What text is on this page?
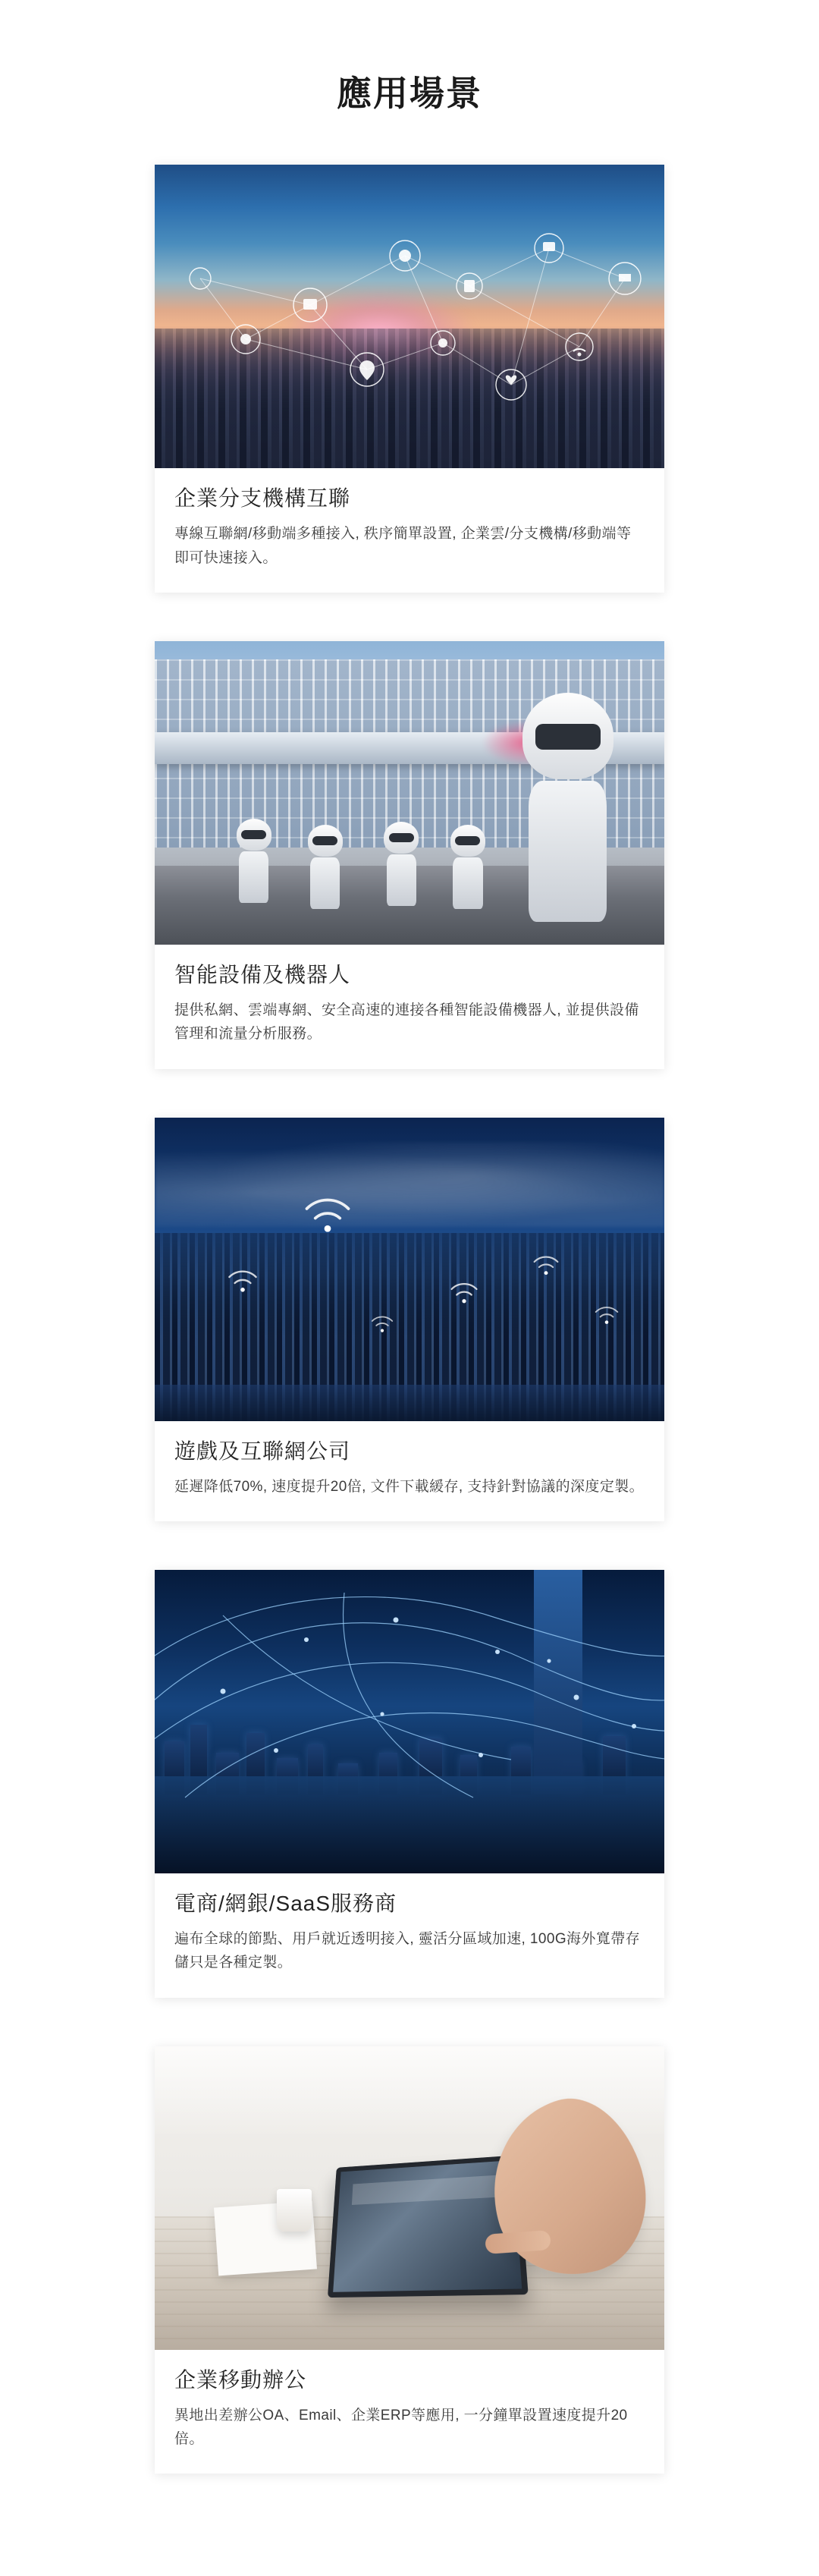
應用場景
企業分支機構互聯

專線互聯網/移動端多種接入, 秩序簡單設置, 企業雲/分支機構/移動端等即可快速接入。

智能設備及機器人

提供私網、雲端專網、安全高速的連接各種智能設備機器人, 並提供設備管理和流量分析服務。

遊戲及互聯網公司

延遲降低70%, 速度提升20倍, 文件下載緩存, 支持針對協議的深度定製。

電商/網銀/SaaS服務商

遍布全球的節點、用戶就近透明接入, 靈活分區域加速, 100G海外寬帶存儲只是各種定製。

企業移動辦公

異地出差辦公OA、Email、企業ERP等應用, 一分鐘單設置速度提升20倍。
